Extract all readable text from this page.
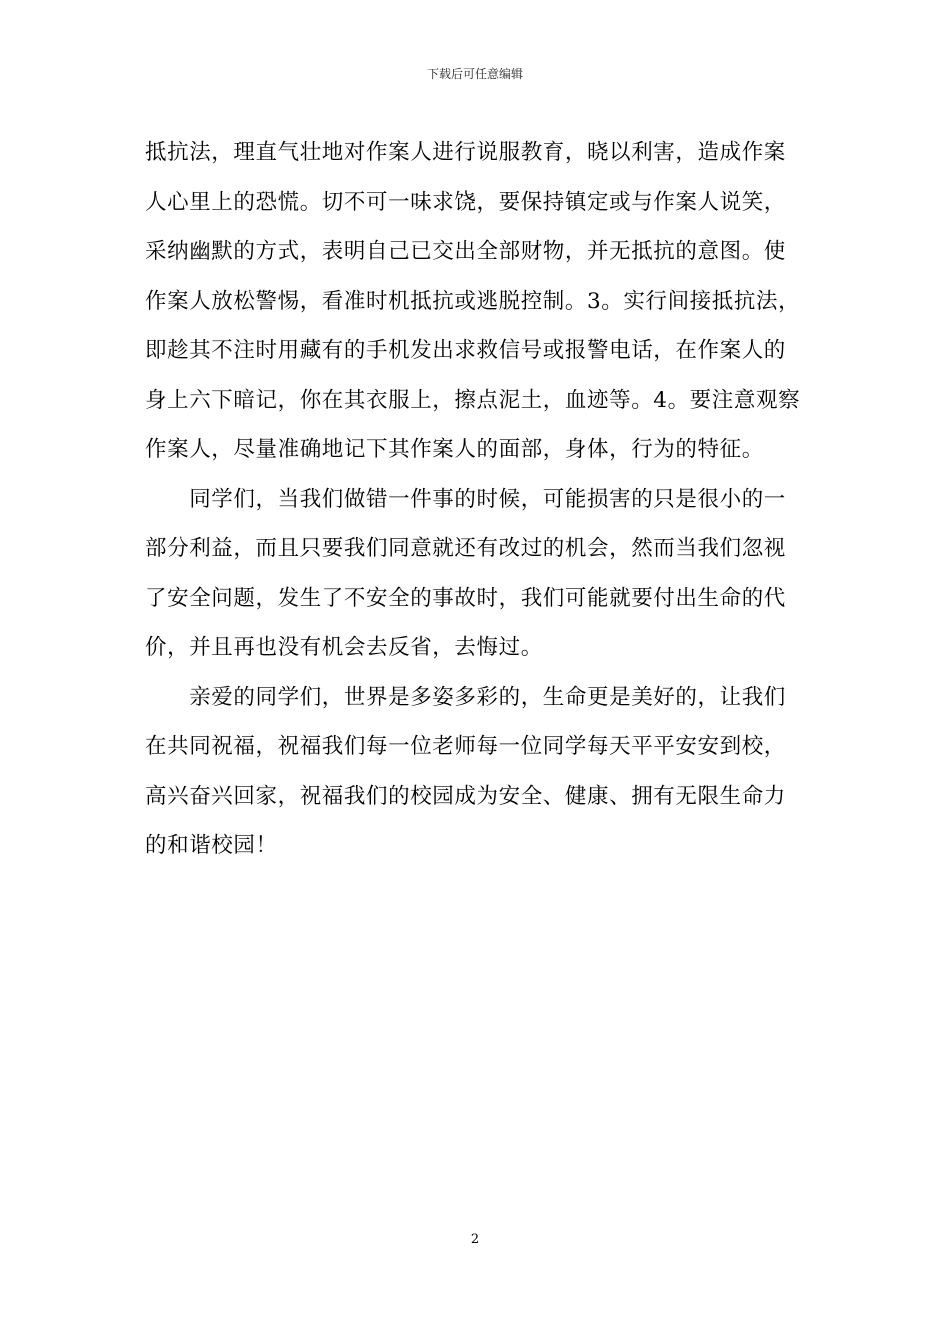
下载后可任意编辑
抵抗法，理直气壮地对作案人进行说服教育，晓以利害，造成作案
人心里上的恐慌。切不可一味求饶，要保持镇定或与作案人说笑，
采纳幽默的方式，表明自己已交出全部财物，并无抵抗的意图。使
作案人放松警惕，看准时机抵抗或逃脱控制。3。实行间接抵抗法，
即趁其不注时用藏有的手机发出求救信号或报警电话，在作案人的
身上六下暗记，你在其衣服上，擦点泥土，血迹等。4。要注意观察
作案人，尽量准确地记下其作案人的面部，身体，行为的特征。
　　同学们，当我们做错一件事的时候，可能损害的只是很小的一
部分利益，而且只要我们同意就还有改过的机会，然而当我们忽视
了安全问题，发生了不安全的事故时，我们可能就要付出生命的代
价，并且再也没有机会去反省，去悔过。
　　亲爱的同学们，世界是多姿多彩的，生命更是美好的，让我们
在共同祝福，祝福我们每一位老师每一位同学每天平平安安到校，
高兴奋兴回家，祝福我们的校园成为安全、健康、拥有无限生命力
的和谐校园！
2
